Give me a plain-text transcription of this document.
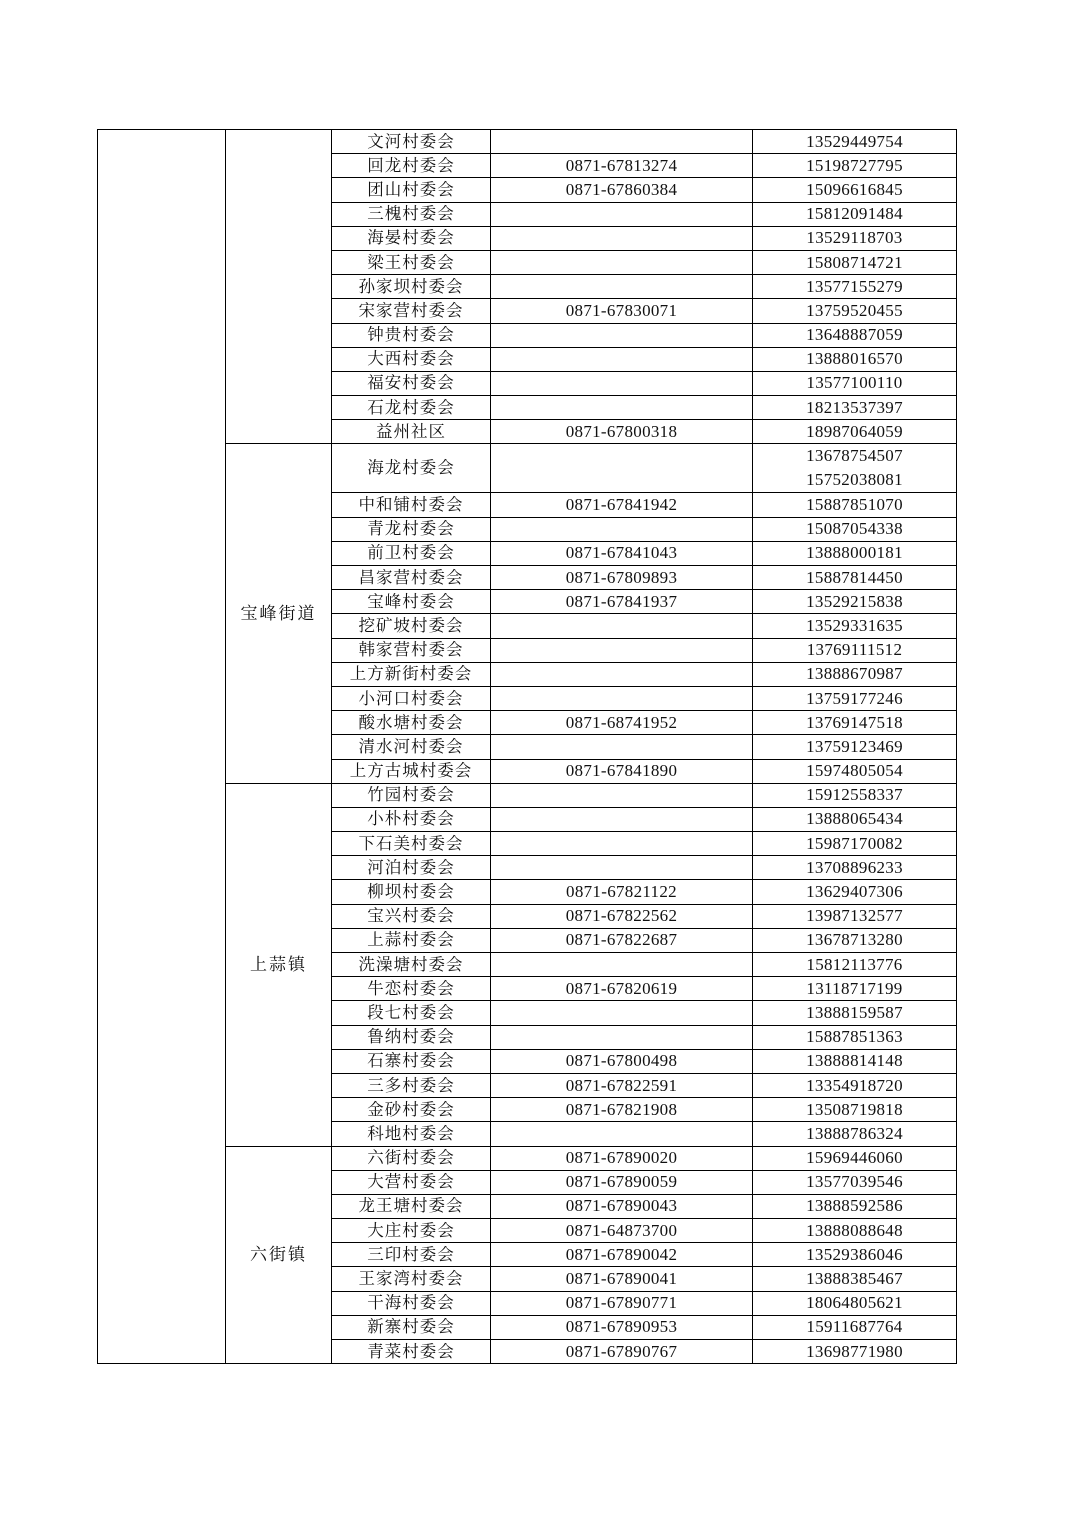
		文河村委会		13529449754
		回龙村委会	0871-67813274	15198727795
		团山村委会	0871-67860384	15096616845
		三槐村委会		15812091484
		海晏村委会		13529118703
		梁王村委会		15808714721
		孙家坝村委会		13577155279
		宋家营村委会	0871-67830071	13759520455
		钟贵村委会		13648887059
		大西村委会		13888016570
		福安村委会		13577100110
		石龙村委会		18213537397
		益州社区	0871-67800318	18987064059
	宝峰街道	海龙村委会		13678754507
15752038081

		中和铺村委会	0871-67841942	15887851070
		青龙村委会		15087054338
		前卫村委会	0871-67841043	13888000181
		昌家营村委会	0871-67809893	15887814450
		宝峰村委会	0871-67841937	13529215838
		挖矿坡村委会		13529331635
		韩家营村委会		13769111512
		上方新街村委会		13888670987
		小河口村委会		13759177246
		酸水塘村委会	0871-68741952	13769147518
		清水河村委会		13759123469
		上方古城村委会	0871-67841890	15974805054
	上蒜镇	竹园村委会		15912558337
		小朴村委会		13888065434
		下石美村委会		15987170082
		河泊村委会		13708896233
		柳坝村委会	0871-67821122	13629407306
		宝兴村委会	0871-67822562	13987132577
		上蒜村委会	0871-67822687	13678713280
		洗澡塘村委会		15812113776
		牛恋村委会	0871-67820619	13118717199
		段七村委会		13888159587
		鲁纳村委会		15887851363
		石寨村委会	0871-67800498	13888814148
		三多村委会	0871-67822591	13354918720
		金砂村委会	0871-67821908	13508719818
		科地村委会		13888786324
	六街镇	六街村委会	0871-67890020	15969446060
		大营村委会	0871-67890059	13577039546
		龙王塘村委会	0871-67890043	13888592586
		大庄村委会	0871-64873700	13888088648
		三印村委会	0871-67890042	13529386046
		王家湾村委会	0871-67890041	13888385467
		干海村委会	0871-67890771	18064805621
		新寨村委会	0871-67890953	15911687764
		青菜村委会	0871-67890767	13698771980
